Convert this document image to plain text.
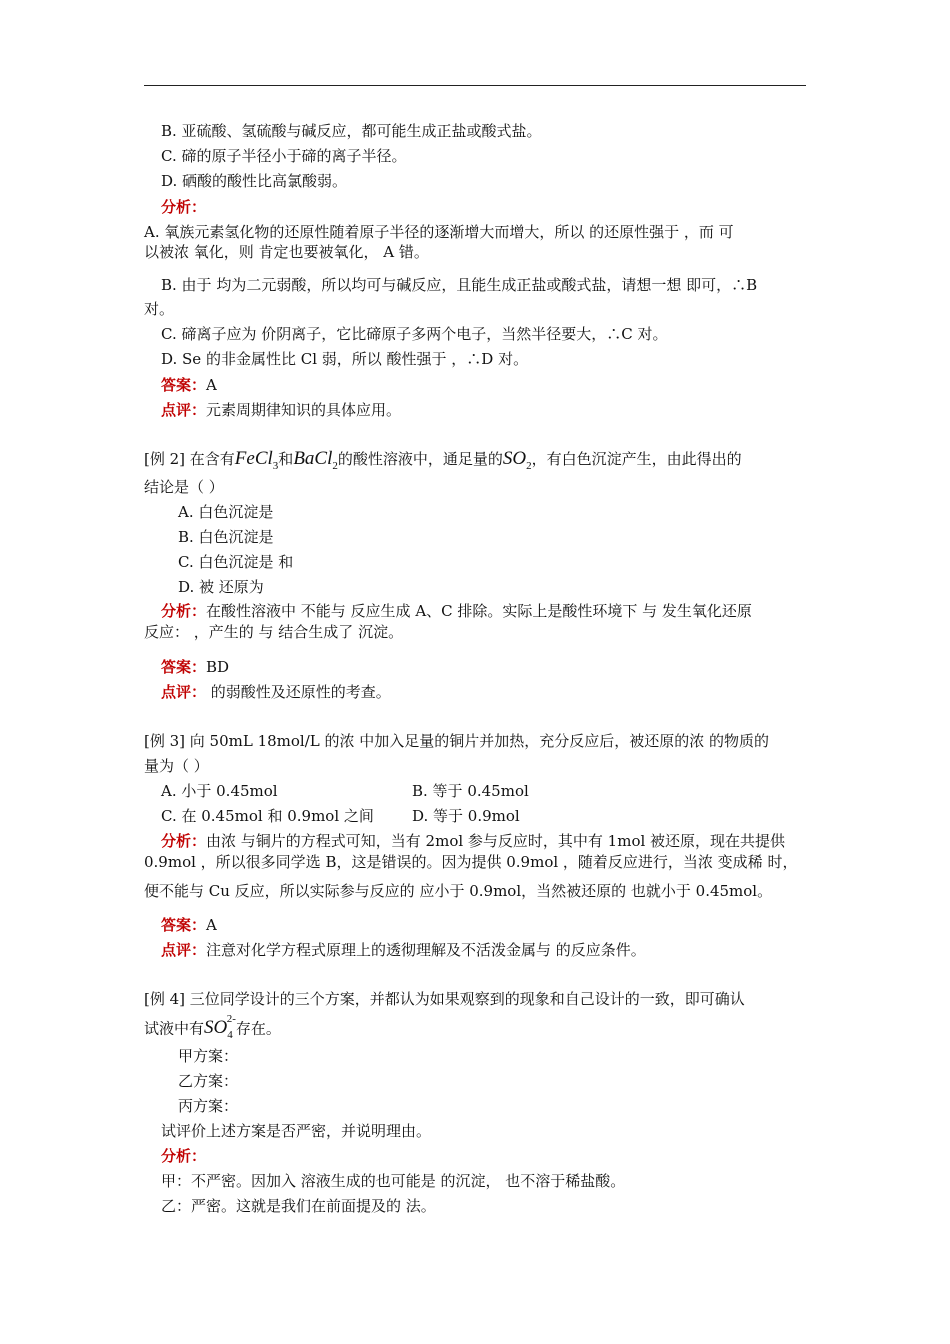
B. 亚硫酸、氢硫酸与碱反应，都可能生成正盐或酸式盐。
C. 碲的原子半径小于碲的离子半径。
D. 硒酸的酸性比高氯酸弱。
分析：
A. 氧族元素氢化物的还原性随着原子半径的逐渐增大而增大，所以 的还原性强于 ，而 可
以被浓 氧化，则 肯定也要被氧化， A 错。
B. 由于 均为二元弱酸，所以均可与碱反应，且能生成正盐或酸式盐，请想一想 即可，∴B
对。
C. 碲离子应为 价阴离子，它比碲原子多两个电子，当然半径要大，∴C 对。
D. Se 的非金属性比 Cl 弱，所以 酸性强于 ，∴D 对。
答案：A
点评：元素周期律知识的具体应用。
[例 2] 在含有FeCl$_3$和BaCl$_2$的酸性溶液中，通足量的$SO_2$，有白色沉淀产生，由此得出的
结论是（ ）
A. 白色沉淀是
B. 白色沉淀是
C. 白色沉淀是 和
D. 被 还原为
分析：在酸性溶液中 不能与 反应生成 A、C 排除。实际上是酸性环境下 与 发生氧化还原
反应： ，产生的 与 结合生成了 沉淀。
答案：BD
点评： 的弱酸性及还原性的考查。
[例 3] 向 50mL 18mol/L 的浓 中加入足量的铜片并加热，充分反应后，被还原的浓 的物质的
量为（ ）
A. 小于 0.45mol	B. 等于 0.45mol
C. 在 0.45mol 和 0.9mol 之间	D. 等于 0.9mol
分析：由浓 与铜片的方程式可知，当有 2mol 参与反应时，其中有 1mol 被还原，现在共提供
0.9mol ，所以很多同学选 B，这是错误的。因为提供 0.9mol ，随着反应进行，当浓 变成稀 时，
便不能与 Cu 反应，所以实际参与反应的 应小于 0.9mol，当然被还原的 也就小于 0.45mol。
答案：A
点评：注意对化学方程式原理上的透彻理解及不活泼金属与 的反应条件。
[例 4] 三位同学设计的三个方案，并都认为如果观察到的现象和自己设计的一致，即可确认
试液中有$SO_4^{2-}$存在。
甲方案：
乙方案：
丙方案：
试评价上述方案是否严密，并说明理由。
分析：
甲：不严密。因加入 溶液生成的也可能是 的沉淀， 也不溶于稀盐酸。
乙：严密。这就是我们在前面提及的 法。
